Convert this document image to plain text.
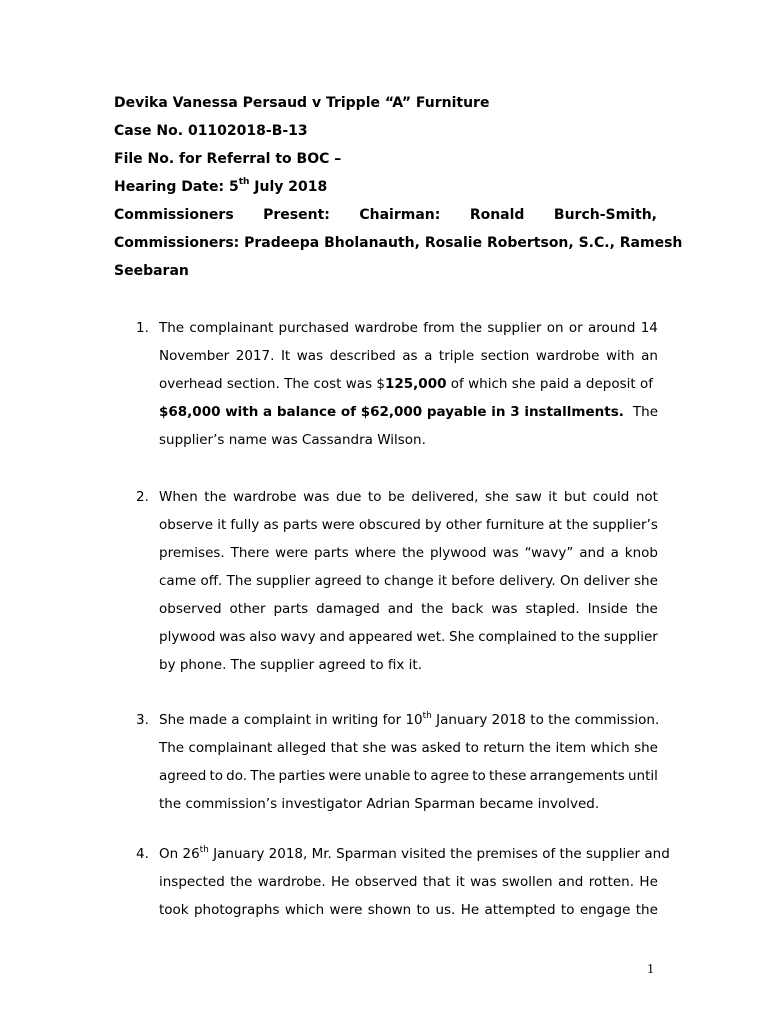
Devika Vanessa Persaud v Tripple “A” Furniture
Case No. 01102018-B-13
File No. for Referral to BOC –
Hearing Date: 5th July 2018
Commissioners Present: Chairman: Ronald Burch-Smith,
Commissioners: Pradeepa Bholanauth, Rosalie Robertson, S.C., Ramesh
Seebaran
1. The complainant purchased wardrobe from the supplier on or around 14
November 2017. It was described as a triple section wardrobe with an
overhead section. The cost was $125,000 of which she paid a deposit of
$68,000 with a balance of $62,000 payable in 3 installments. The
supplier’s name was Cassandra Wilson.
2. When the wardrobe was due to be delivered, she saw it but could not
observe it fully as parts were obscured by other furniture at the supplier’s
premises. There were parts where the plywood was “wavy” and a knob
came off. The supplier agreed to change it before delivery. On deliver she
observed other parts damaged and the back was stapled. Inside the
plywood was also wavy and appeared wet. She complained to the supplier
by phone. The supplier agreed to fix it.
3. She made a complaint in writing for 10th January 2018 to the commission.
The complainant alleged that she was asked to return the item which she
agreed to do. The parties were unable to agree to these arrangements until
the commission’s investigator Adrian Sparman became involved.
4. On 26th January 2018, Mr. Sparman visited the premises of the supplier and
inspected the wardrobe. He observed that it was swollen and rotten. He
took photographs which were shown to us. He attempted to engage the
1
